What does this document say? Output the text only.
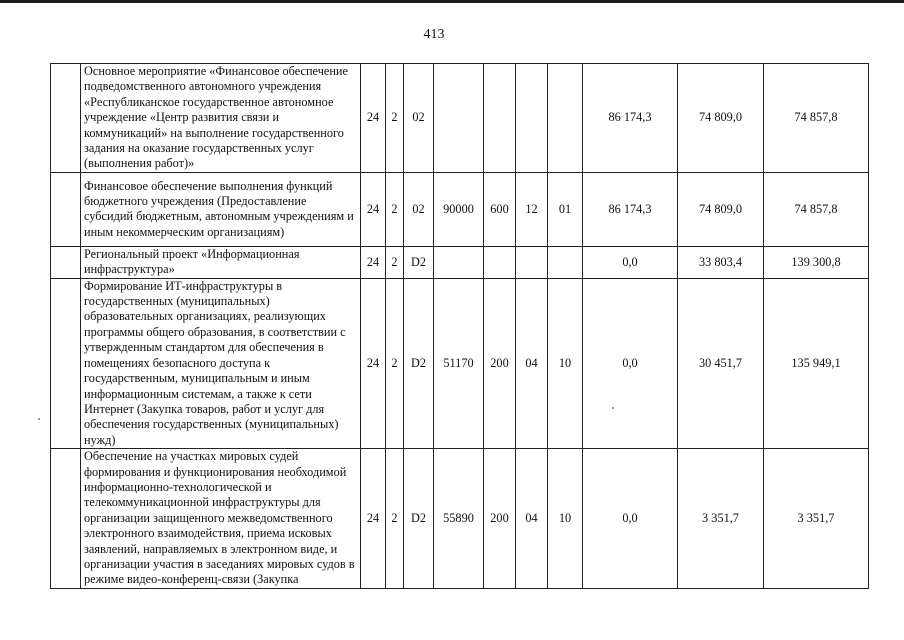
413
	Основное мероприятие «Финансовое обеспечение подведомственного автономного учреждения «Республиканское государственное автономное учреждение «Центр развития связи и коммуникаций» на выполнение государственного задания на оказание государственных услуг (выполнения работ)»	24	2	02					86 174,3	74 809,0	74 857,8
	Финансовое обеспечение выполнения функций бюджетного учреждения (Предоставление субсидий бюджетным, автономным учреждениям и иным некоммерческим организациям)	24	2	02	90000	600	12	01	86 174,3	74 809,0	74 857,8
	Региональный проект «Информационная инфраструктура»	24	2	D2					0,0	33 803,4	139 300,8
	Формирование ИТ-инфраструктуры в государственных (муниципальных) образовательных организациях, реализующих программы общего образования, в соответствии с утвержденным стандартом для обеспечения в помещениях безопасного доступа к государственным, муниципальным и иным информационным системам, а также к сети Интернет (Закупка товаров, работ и услуг для обеспечения государственных (муниципальных) нужд)	24	2	D2	51170	200	04	10	0,0	30 451,7	135 949,1
	Обеспечение на участках мировых судей формирования и функционирования необходимой информационно-технологической и телекоммуникационной инфраструктуры для организации защищенного межведомственного электронного взаимодействия, приема исковых заявлений, направляемых в электронном виде, и организации участия в заседаниях мировых судов в режиме видео-конференц-связи (Закупка	24	2	D2	55890	200	04	10	0,0	3 351,7	3 351,7
